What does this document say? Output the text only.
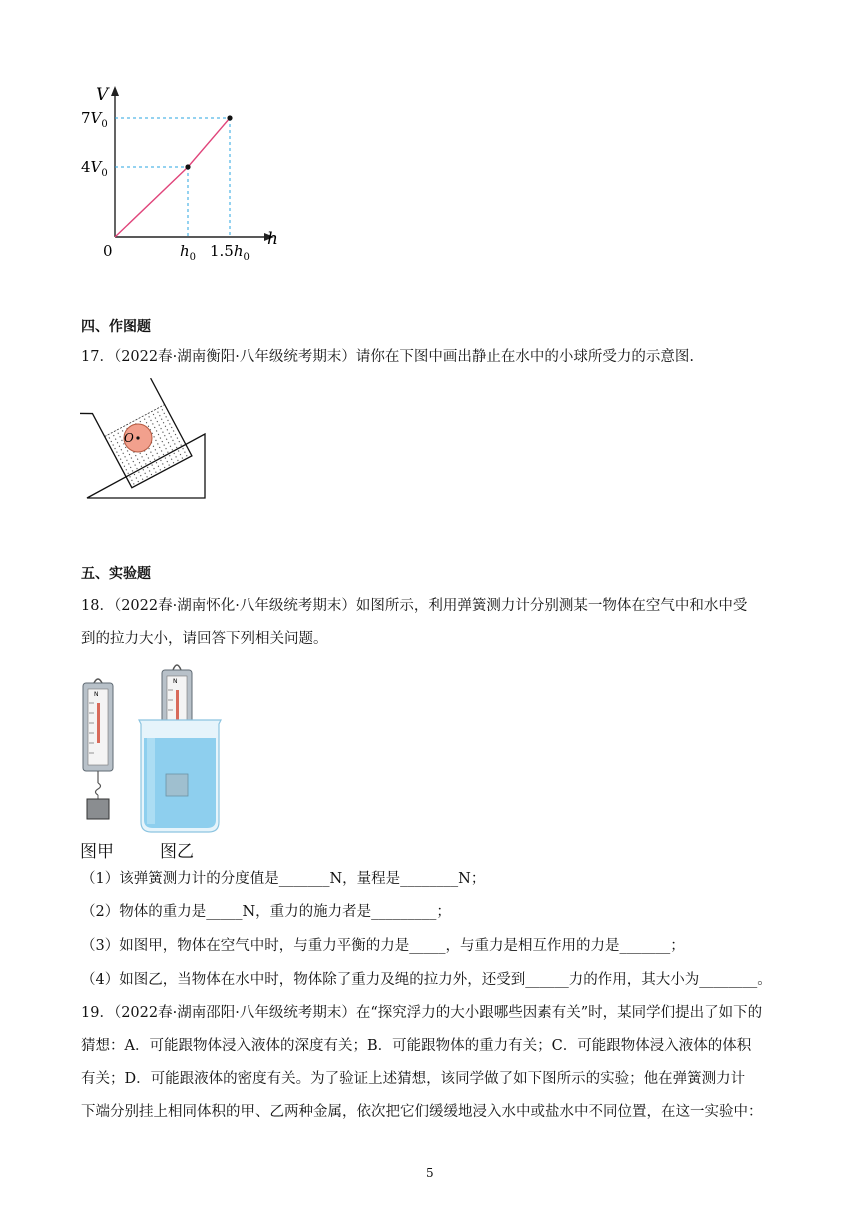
V
h
0
$7V_0$
$4V_0$
$h_0$ $1.5h_0$
四、作图题
17．（2022春·湖南衡阳·八年级统考期末）请你在下图中画出静止在水中的小球所受力的示意图.
O
五、实验题
18．（2022春·湖南怀化·八年级统考期末）如图所示，利用弹簧测力计分别测某一物体在空气中和水中受
到的拉力大小，请回答下列相关问题。
N
图甲
N
图乙
（1）该弹簧测力计的分度值是_______N，量程是________N；
（2）物体的重力是_____N，重力的施力者是_________；
（3）如图甲，物体在空气中时，与重力平衡的力是_____，与重力是相互作用的力是_______；
（4）如图乙，当物体在水中时，物体除了重力及绳的拉力外，还受到______力的作用，其大小为________。
19．（2022春·湖南邵阳·八年级统考期末）在“探究浮力的大小跟哪些因素有关”时，某同学们提出了如下的
猜想：A．可能跟物体浸入液体的深度有关；B．可能跟物体的重力有关；C．可能跟物体浸入液体的体积
有关；D．可能跟液体的密度有关。为了验证上述猜想，该同学做了如下图所示的实验；他在弹簧测力计
下端分别挂上相同体积的甲、乙两种金属，依次把它们缓缓地浸入水中或盐水中不同位置，在这一实验中：
5
